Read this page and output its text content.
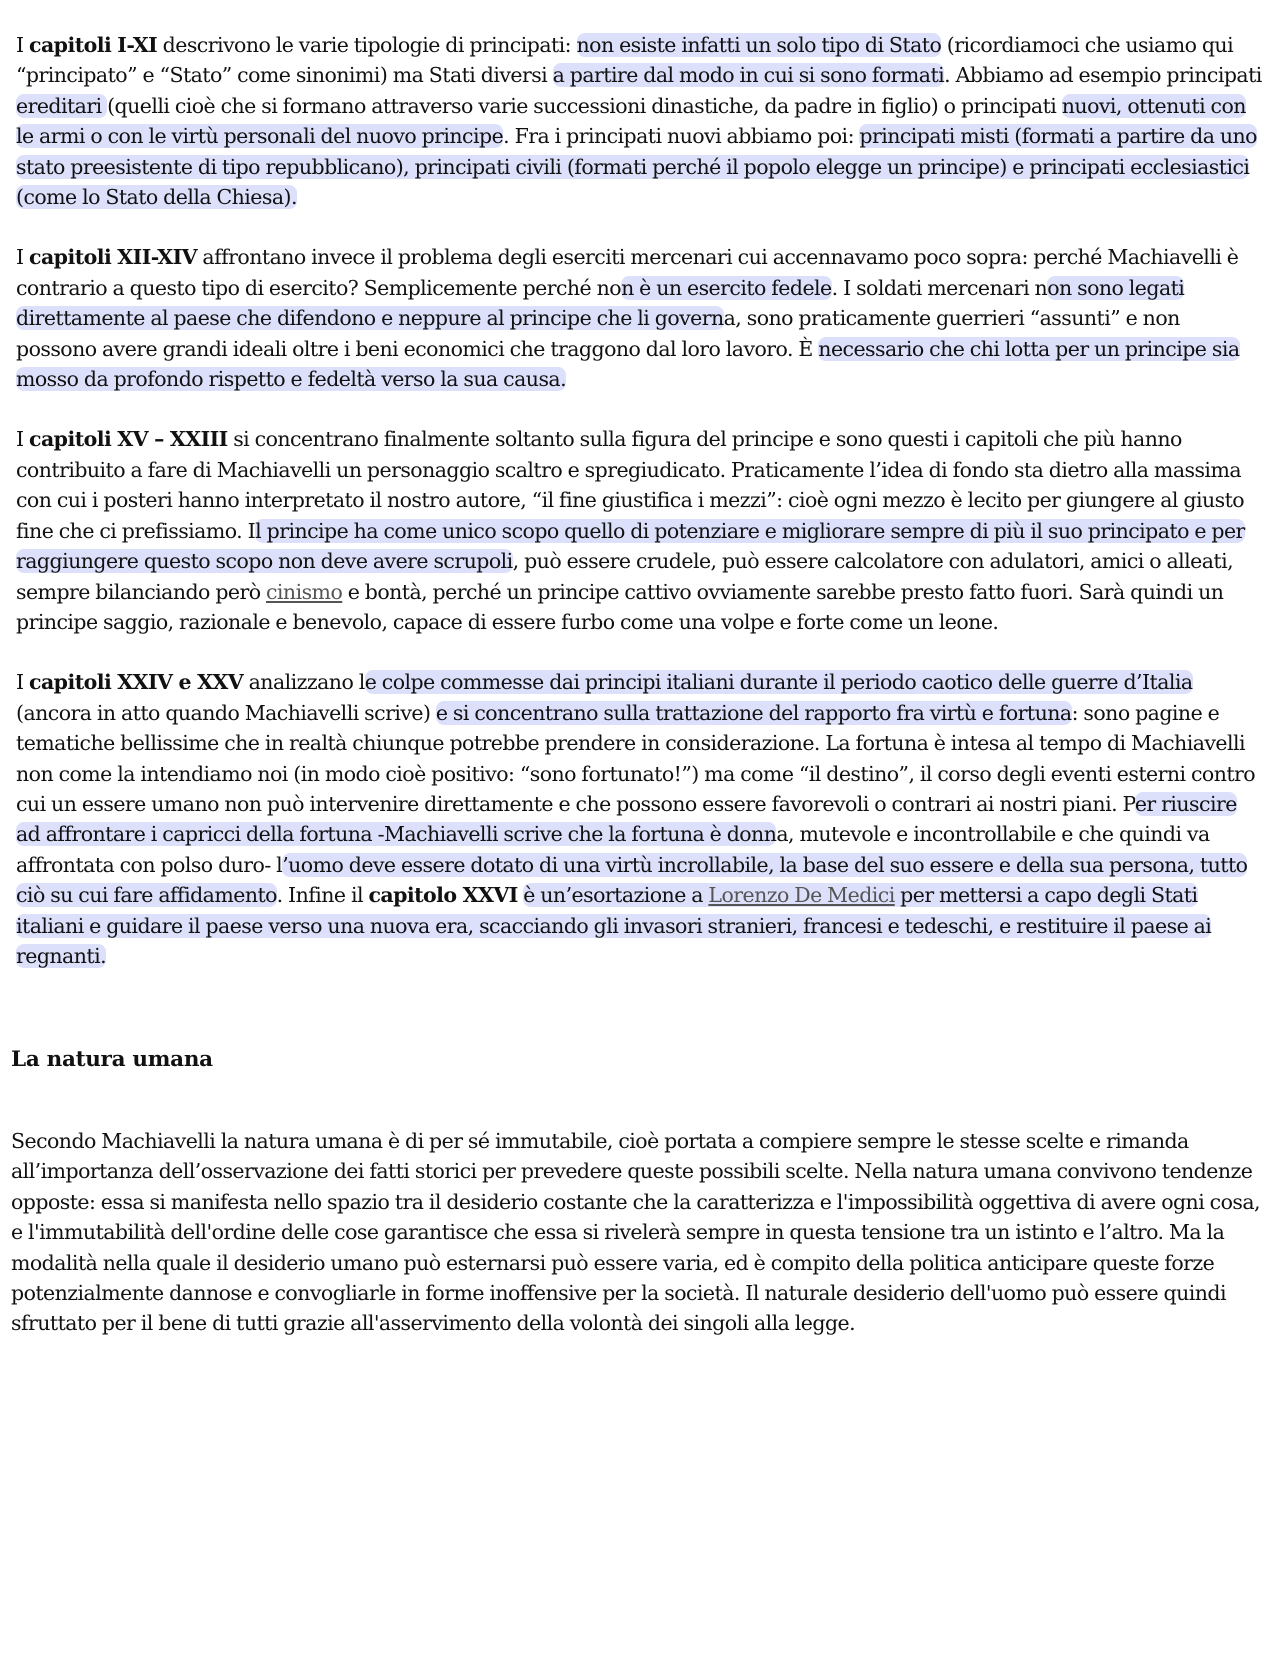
I capitoli I-XI descrivono le varie tipologie di principati: non esiste infatti un solo tipo di Stato (ricordiamoci che usiamo qui “principato” e “Stato” come sinonimi) ma Stati diversi a partire dal modo in cui si sono formati. Abbiamo ad esempio principati ereditari (quelli cioè che si formano attraverso varie successioni dinastiche, da padre in figlio) o principati nuovi, ottenuti con le armi o con le virtù personali del nuovo principe. Fra i principati nuovi abbiamo poi: principati misti (formati a partire da uno stato preesistente di tipo repubblicano), principati civili (formati perché il popolo elegge un principe) e principati ecclesiastici (come lo Stato della Chiesa).

I capitoli XII-XIV affrontano invece il problema degli eserciti mercenari cui accennavamo poco sopra: perché Machiavelli è contrario a questo tipo di esercito? Semplicemente perché non è un esercito fedele. I soldati mercenari non sono legati direttamente al paese che difendono e neppure al principe che li governa, sono praticamente guerrieri “assunti” e non possono avere grandi ideali oltre i beni economici che traggono dal loro lavoro. È necessario che chi lotta per un principe sia mosso da profondo rispetto e fedeltà verso la sua causa.

I capitoli XV – XXIII si concentrano finalmente soltanto sulla figura del principe e sono questi i capitoli che più hanno contribuito a fare di Machiavelli un personaggio scaltro e spregiudicato. Praticamente l’idea di fondo sta dietro alla massima con cui i posteri hanno interpretato il nostro autore, “il fine giustifica i mezzi”: cioè ogni mezzo è lecito per giungere al giusto fine che ci prefissiamo. Il principe ha come unico scopo quello di potenziare e migliorare sempre di più il suo principato e per raggiungere questo scopo non deve avere scrupoli, può essere crudele, può essere calcolatore con adulatori, amici o alleati, sempre bilanciando però cinismo e bontà, perché un principe cattivo ovviamente sarebbe presto fatto fuori. Sarà quindi un principe saggio, razionale e benevolo, capace di essere furbo come una volpe e forte come un leone.

I capitoli XXIV e XXV analizzano le colpe commesse dai principi italiani durante il periodo caotico delle guerre d’Italia (ancora in atto quando Machiavelli scrive) e si concentrano sulla trattazione del rapporto fra virtù e fortuna: sono pagine e tematiche bellissime che in realtà chiunque potrebbe prendere in considerazione. La fortuna è intesa al tempo di Machiavelli non come la intendiamo noi (in modo cioè positivo: “sono fortunato!”) ma come “il destino”, il corso degli eventi esterni contro cui un essere umano non può intervenire direttamente e che possono essere favorevoli o contrari ai nostri piani. Per riuscire ad affrontare i capricci della fortuna -Machiavelli scrive che la fortuna è donna, mutevole e incontrollabile e che quindi va affrontata con polso duro- l’uomo deve essere dotato di una virtù incrollabile, la base del suo essere e della sua persona, tutto ciò su cui fare affidamento. Infine il capitolo XXVI è un’esortazione a Lorenzo De Medici per mettersi a capo degli Stati italiani e guidare il paese verso una nuova era, scacciando gli invasori stranieri, francesi e tedeschi, e restituire il paese ai regnanti.

La natura umana

Secondo Machiavelli la natura umana è di per sé immutabile, cioè portata a compiere sempre le stesse scelte e rimanda all’importanza dell’osservazione dei fatti storici per prevedere queste possibili scelte. Nella natura umana convivono tendenze opposte: essa si manifesta nello spazio tra il desiderio costante che la caratterizza e l'impossibilità oggettiva di avere ogni cosa, e l'immutabilità dell'ordine delle cose garantisce che essa si rivelerà sempre in questa tensione tra un istinto e l’altro. Ma la modalità nella quale il desiderio umano può esternarsi può essere varia, ed è compito della politica anticipare queste forze potenzialmente dannose e convogliarle in forme inoffensive per la società. Il naturale desiderio dell'uomo può essere quindi sfruttato per il bene di tutti grazie all'asservimento della volontà dei singoli alla legge.
